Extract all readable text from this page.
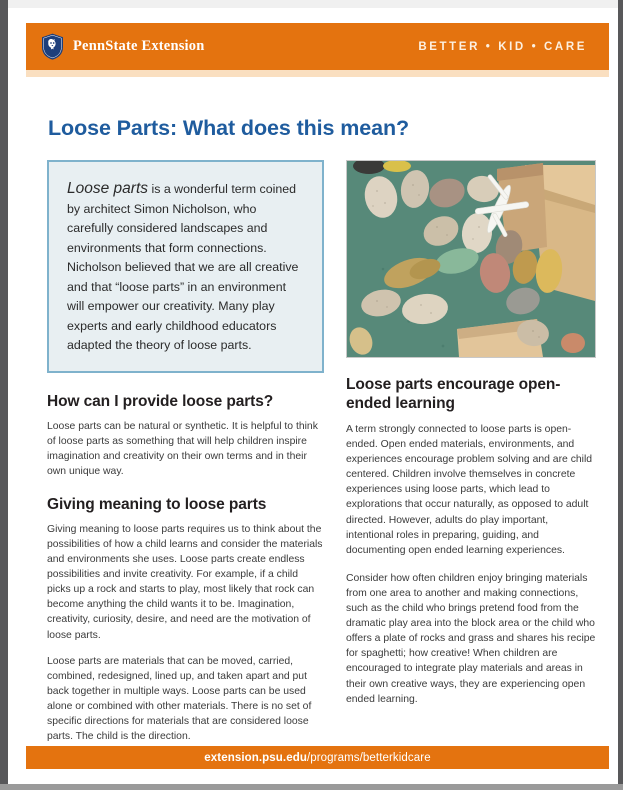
PennState Extension	BETTER • KID • CARE
Loose Parts: What does this mean?

Loose parts is a wonderful term coined by architect Simon Nicholson, who carefully considered landscapes and environments that form connections. Nicholson believed that we are all creative and that “loose parts” in an environment will empower our creativity. Many play experts and early childhood educators adapted the theory of loose parts.

How can I provide loose parts?

Loose parts can be natural or synthetic. It is helpful to think of loose parts as something that will help children inspire imagination and creativity on their own terms and in their own unique way.

Giving meaning to loose parts

Giving meaning to loose parts requires us to think about the possibilities of how a child learns and consider the materials and environments she uses. Loose parts create endless possibilities and invite creativity. For example, if a child picks up a rock and starts to play, most likely that rock can become anything the child wants it to be. Imagination, creativity, curiosity, desire, and need are the motivation of loose parts.

Loose parts are materials that can be moved, carried, combined, redesigned, lined up, and taken apart and put back together in multiple ways. Loose parts can be used alone or combined with other materials. There is no set of specific directions for materials that are considered loose parts. The child is the direction.

Loose parts encourage open-ended learning

A term strongly connected to loose parts is open-ended. Open ended materials, environments, and experiences encourage problem solving and are child centered. Children involve themselves in concrete experiences using loose parts, which lead to explorations that occur naturally, as opposed to adult directed. However, adults do play important, intentional roles in preparing, guiding, and documenting open ended learning experiences.

Consider how often children enjoy bringing materials from one area to another and making connections, such as the child who brings pretend food from the dramatic play area into the block area or the child who offers a plate of rocks and grass and shares his recipe for spaghetti; how creative! When children are encouraged to integrate play materials and areas in their own creative ways, they are experiencing open ended learning.

extension.psu.edu/programs/betterkidcare
